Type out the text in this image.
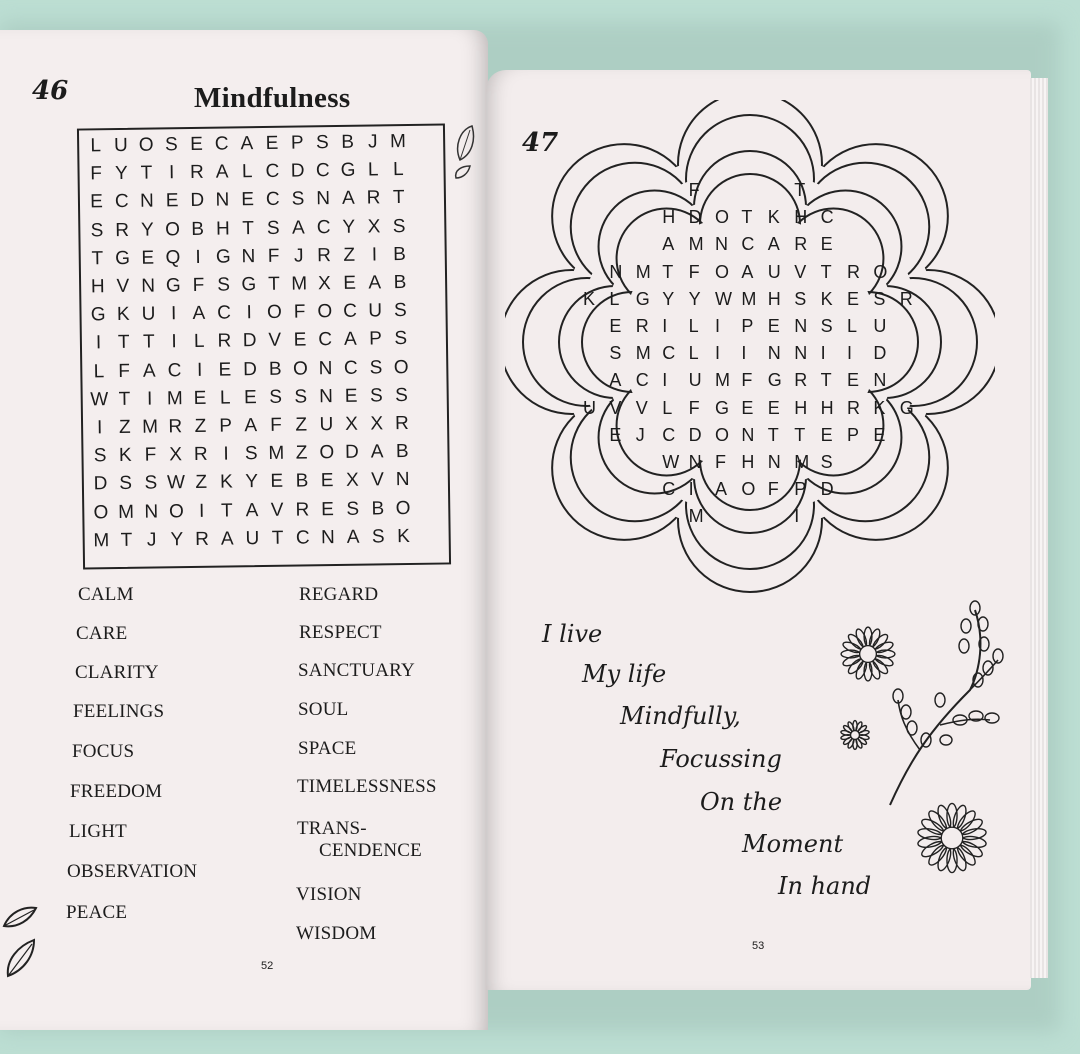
46	Mindfulness
L U O S E C A E P S B J M
F Y T I R A L C D C G L L
E C N E D N E C S N A R T
S R Y O B H T S A C Y X S
T G E Q I G N F J R Z I B
H V N G F S G T M X E A B
G K U I A C I O F O C U S
I T T I L R D V E C A P S
L F A C I E D B O N C S O
W T I M E L E S S N E S S
I Z M R Z P A F Z U X X R
S K F X R I S M Z O D A B
D S S W Z K Y E B E X V N
O M N O I T A V R E S B O
M T J Y R A U T C N A S K
CALM
CARE
CLARITY
FEELINGS
FOCUS
FREEDOM
LIGHT
OBSERVATION
PEACE
REGARD
RESPECT
SANCTUARY
SOUL
SPACE
TIMELESSNESS
TRANS-
CENDENCE
VISION
WISDOM
52
47
F	T
H D O T K H C
A M N C A R E
N M T F O A U V T R O
K L G Y Y W M H S K E S R
E R I L I P E N S L U
S M C L I I N N I I D
A C I U M F G R T E N
U V V L F G E E H H R K G
E J C D O N T T E P E
W N F H N M S
C I A O F P D
M	I
I live
My life
Mindfully,
Focussing
On the
Moment
In hand
53
